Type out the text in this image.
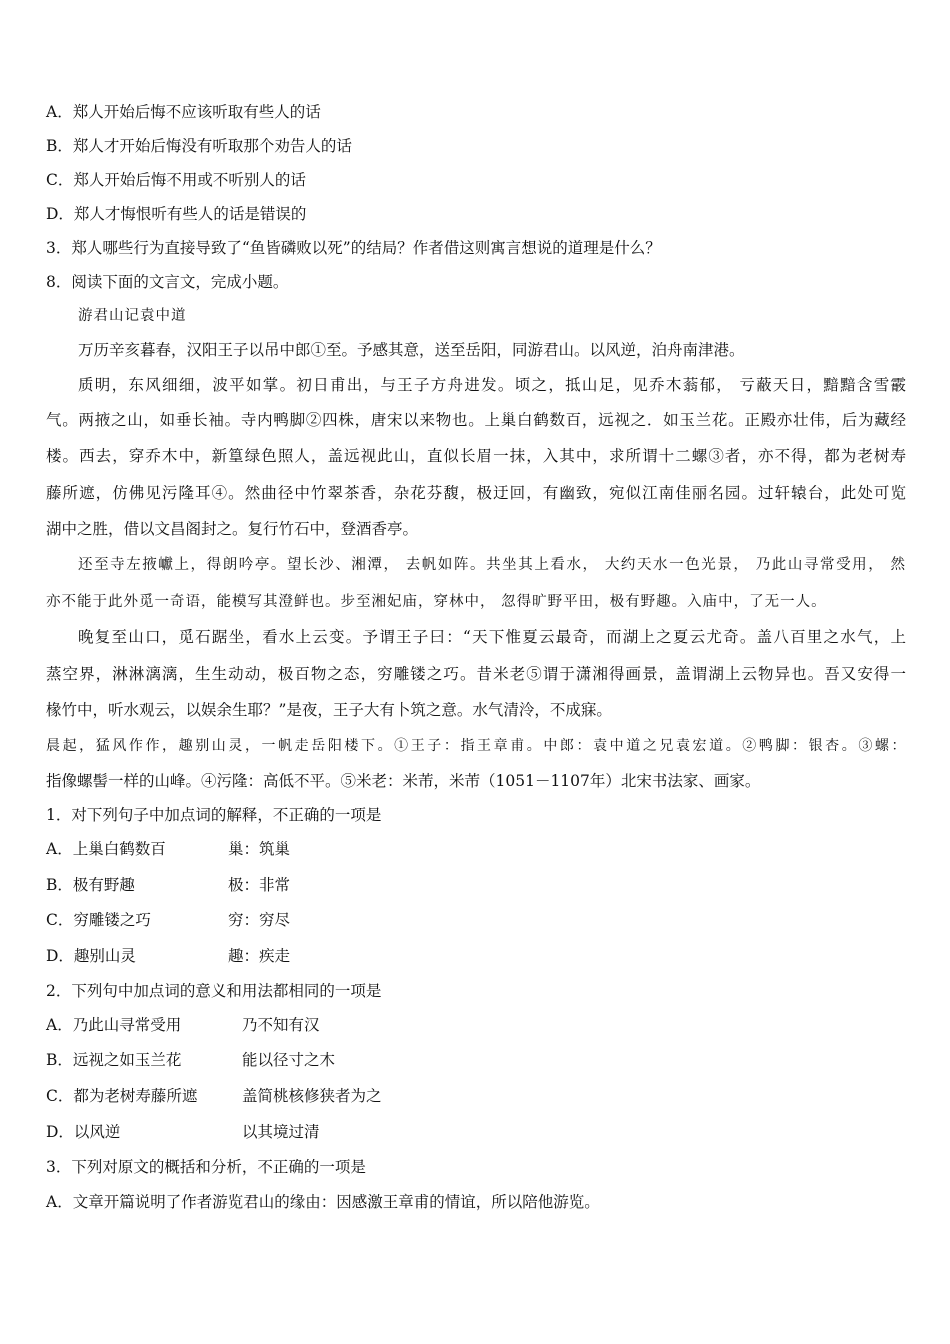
A．郑人开始后悔不应该听取有些人的话
B．郑人才开始后悔没有听取那个劝告人的话
C．郑人开始后悔不用或不听别人的话
D．郑人才悔恨听有些人的话是错误的
3．郑人哪些行为直接导致了“鱼皆磷败以死”的结局？作者借这则寓言想说的道理是什么？
8．阅读下面的文言文，完成小题。
游君山记袁中道
万历辛亥暮春，汉阳王子以吊中郎①至。予感其意，送至岳阳，同游君山。以风逆，泊舟南津港。
质明，东风细细，波平如掌。初日甫出，与王子方舟进发。顷之，抵山足，见乔木蓊郁， 亏蔽天日，黯黯含雪霰
气。两掖之山，如垂长袖。寺内鸭脚②四株，唐宋以来物也。上巢白鹤数百，远视之．如玉兰花。正殿亦壮伟，后为藏经
楼。西去，穿乔木中，新篁绿色照人，盖远视此山，直似长眉一抹，入其中，求所谓十二螺③者，亦不得，都为老树寿
藤所遮，仿佛见污隆耳④。然曲径中竹翠茶香，杂花芬馥，极迂回，有幽致，宛似江南佳丽名园。过轩辕台，此处可览
湖中之胜，借以文昌阁封之。复行竹石中，登酒香亭。
还至寺左掖巘上，得朗吟亭。望长沙、湘潭， 去帆如阵。共坐其上看水， 大约天水一色光景， 乃此山寻常受用， 然
亦不能于此外觅一奇语，能模写其澄鲜也。步至湘妃庙，穿林中， 忽得旷野平田，极有野趣。入庙中，了无一人。
晚复至山口，觅石踞坐，看水上云变。予谓王子曰：“天下惟夏云最奇，而湖上之夏云尤奇。盖八百里之水气，上
蒸空界，淋淋漓漓，生生动动，极百物之态，穷雕镂之巧。昔米老⑤谓于潇湘得画景，盖谓湖上云物异也。吾又安得一
椽竹中，听水观云，以娱余生耶？”是夜，王子大有卜筑之意。水气清泠，不成寐。
晨起，猛风作作，趣别山灵，一帆走岳阳楼下。①王子：指王章甫。中郎：袁中道之兄袁宏道。②鸭脚：银杏。③螺：
指像螺髻一样的山峰。④污隆：高低不平。⑤米老：米芾，米芾（1051－1107年）北宋书法家、画家。
1．对下列句子中加点词的解释，不正确的一项是
A．上巢白鹤数百	巢：筑巢
B．极有野趣	极：非常
C．穷雕镂之巧	穷：穷尽
D．趣别山灵	趣：疾走
2．下列句中加点词的意义和用法都相同的一项是
A．乃此山寻常受用	乃不知有汉
B．远视之如玉兰花	能以径寸之木
C．都为老树寿藤所遮	盖简桃核修狭者为之
D．以风逆	以其境过清
3．下列对原文的概括和分析，不正确的一项是
A．文章开篇说明了作者游览君山的缘由：因感激王章甫的情谊，所以陪他游览。
